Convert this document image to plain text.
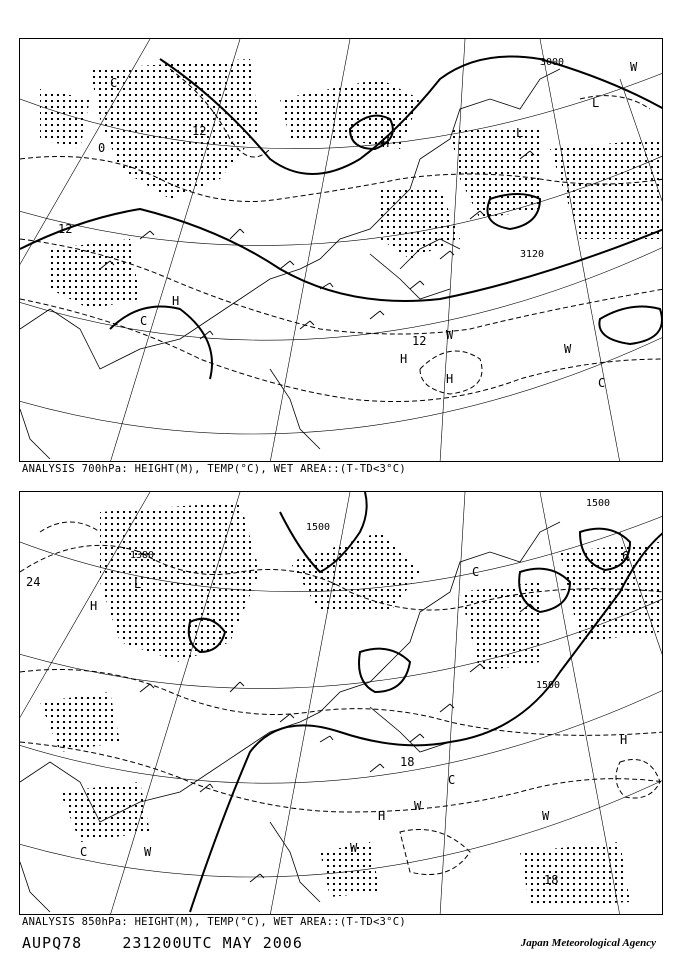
3000
3120
12
12
12
0	H
L
H
C
H
H
W
C
W
W
C
L
ANALYSIS 700hPa: HEIGHT(M), TEMP(°C), WET AREA::(T-TD<3°C)
1500
1500
1500
1380
24
18
18
6
H
L
C
H
W
C
W
H
W
C
W
ANALYSIS 850hPa: HEIGHT(M), TEMP(°C), WET AREA::(T-TD<3°C)
AUPQ78	231200UTC MAY 2006	Japan Meteorological Agency
